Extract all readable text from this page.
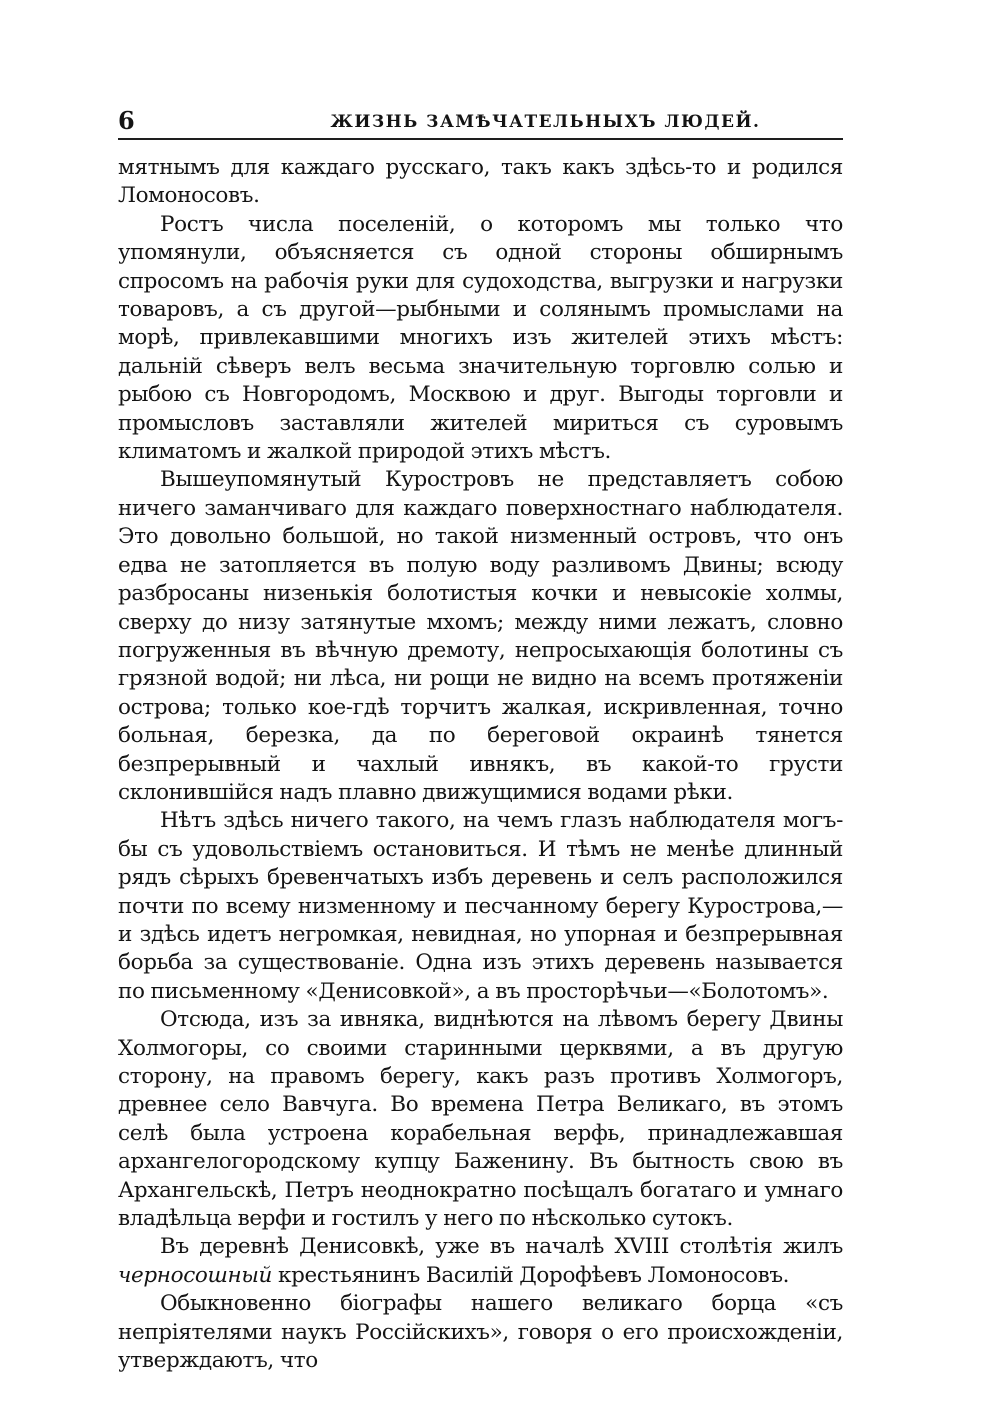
6	ЖИЗНЬ ЗАМѢЧАТЕЛЬНЫХЪ ЛЮДЕЙ.

мятнымъ для каждаго русскаго, такъ какъ здѣсь-то и родился Ломоносовъ.

Ростъ числа поселеній, о которомъ мы только что упомянули, объясняется съ одной стороны обширнымъ спросомъ на рабочія руки для судоходства, выгрузки и нагрузки товаровъ, а съ другой—рыбными и солянымъ промыслами на морѣ, привлекавшими многихъ изъ жителей этихъ мѣстъ: дальній сѣверъ велъ весьма значительную торговлю солью и рыбою съ Новгородомъ, Москвою и друг. Выгоды торговли и промысловъ заставляли жителей мириться съ суровымъ климатомъ и жалкой природой этихъ мѣстъ.

Вышеупомянутый Куростровъ не представляетъ собою ничего заманчиваго для каждаго поверхностнаго наблюдателя. Это довольно большой, но такой низменный островъ, что онъ едва не затопляется въ полую воду разливомъ Двины; всюду разбросаны низенькія болотистыя кочки и невысокіе холмы, сверху до низу затянутые мхомъ; между ними лежатъ, словно погруженныя въ вѣчную дремоту, непросыхающія болотины съ грязной водой; ни лѣса, ни рощи не видно на всемъ протяженіи острова; только кое-гдѣ торчитъ жалкая, искривленная, точно больная, березка, да по береговой окраинѣ тянется безпрерывный и чахлый ивнякъ, въ какой-то грусти склонившійся надъ плавно движущимися водами рѣки.

Нѣтъ здѣсь ничего такого, на чемъ глазъ наблюдателя могъ-бы съ удовольствіемъ остановиться. И тѣмъ не менѣе длинный рядъ сѣрыхъ бревенчатыхъ избъ деревень и селъ расположился почти по всему низменному и песчанному берегу Курострова,—и здѣсь идетъ негромкая, невидная, но упорная и безпрерывная борьба за существованіе. Одна изъ этихъ деревень называется по письменному «Денисовкой», а въ просторѣчьи—«Болотомъ».

Отсюда, изъ за ивняка, виднѣются на лѣвомъ берегу Двины Холмогоры, со своими старинными церквями, а въ другую сторону, на правомъ берегу, какъ разъ противъ Холмогоръ, древнее село Вавчуга. Во времена Петра Великаго, въ этомъ селѣ была устроена корабельная верфь, принадлежавшая архангелогородскому купцу Баженину. Въ бытность свою въ Архангельскѣ, Петръ неоднократно посѣщалъ богатаго и умнаго владѣльца верфи и гостилъ у него по нѣсколько сутокъ.

Въ деревнѣ Денисовкѣ, уже въ началѣ XVIII столѣтія жилъ черносошный крестьянинъ Василій Дорофѣевъ Ломоносовъ.

Обыкновенно біографы нашего великаго борца «съ непріятелями наукъ Россійскихъ», говоря о его происхожденіи, утверждаютъ, что
